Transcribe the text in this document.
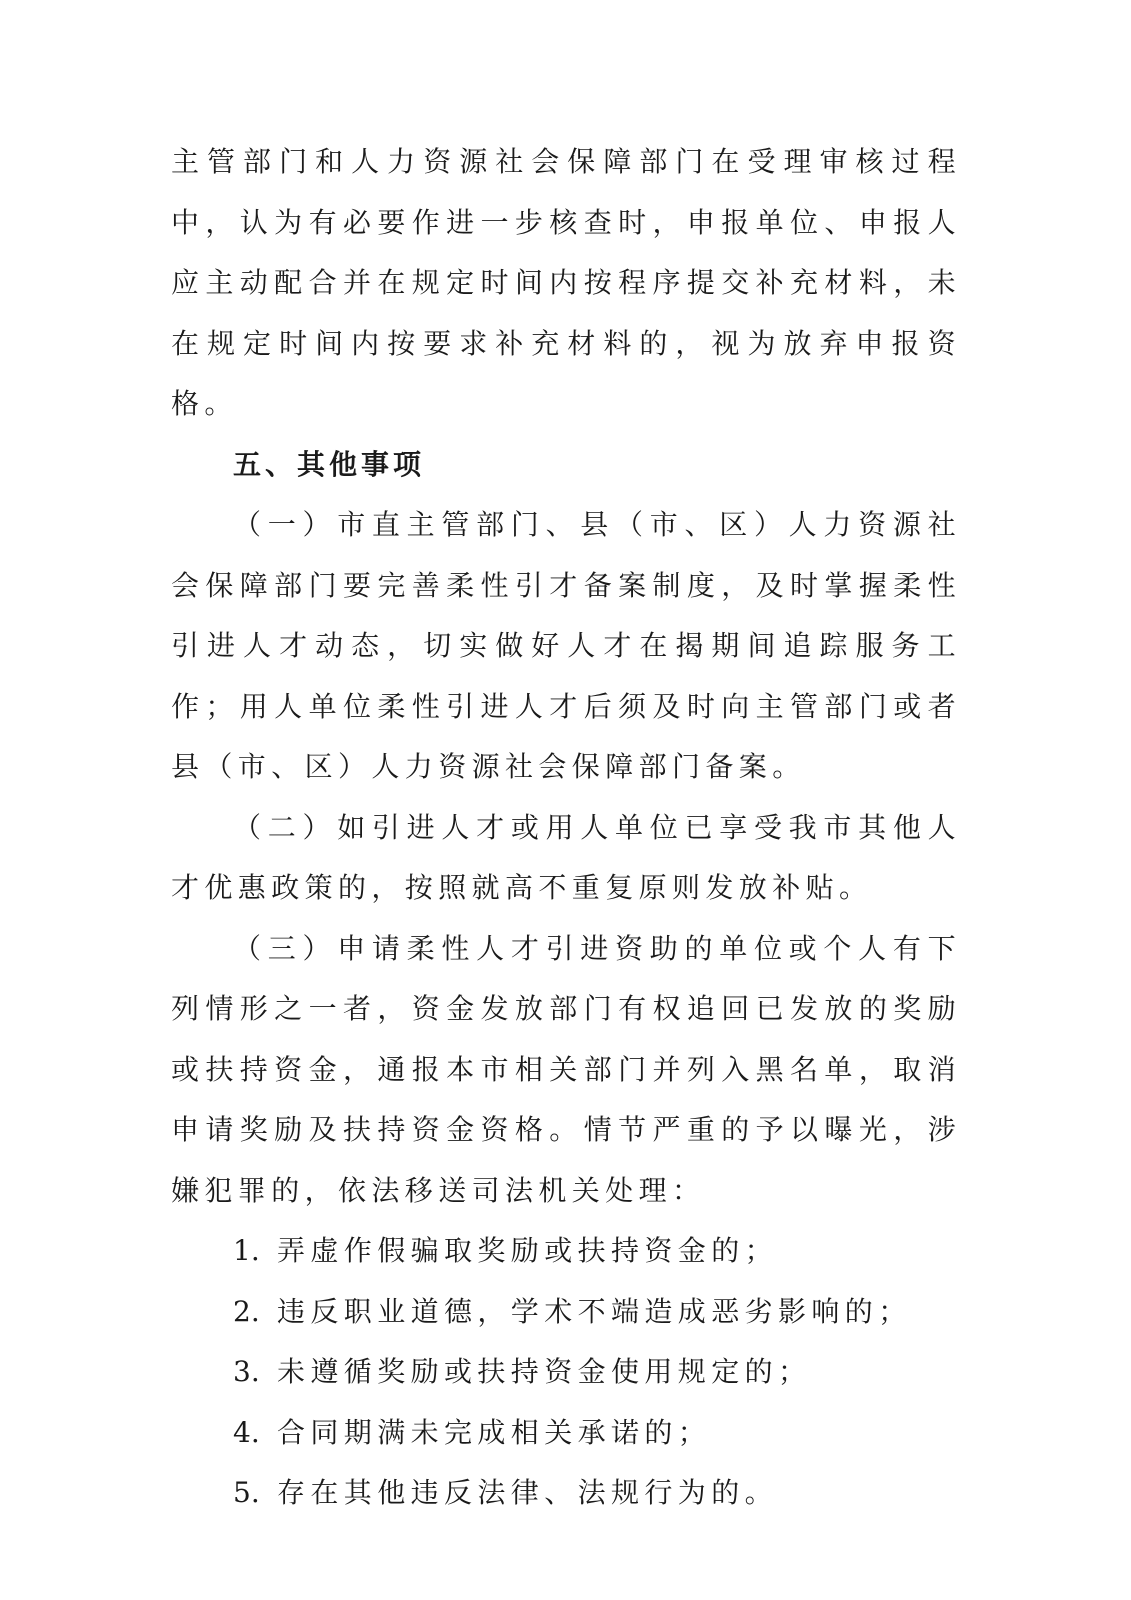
主管部门和人力资源社会保障部门在受理审核过程中，认为有必要作进一步核查时，申报单位、申报人应主动配合并在规定时间内按程序提交补充材料，未在规定时间内按要求补充材料的，视为放弃申报资格。

五、其他事项

（一）市直主管部门、县（市、区）人力资源社会保障部门要完善柔性引才备案制度，及时掌握柔性引进人才动态，切实做好人才在揭期间追踪服务工作；用人单位柔性引进人才后须及时向主管部门或者县（市、区）人力资源社会保障部门备案。

（二）如引进人才或用人单位已享受我市其他人才优惠政策的，按照就高不重复原则发放补贴。

（三）申请柔性人才引进资助的单位或个人有下列情形之一者，资金发放部门有权追回已发放的奖励或扶持资金，通报本市相关部门并列入黑名单，取消申请奖励及扶持资金资格。情节严重的予以曝光，涉嫌犯罪的，依法移送司法机关处理：

1. 弄虚作假骗取奖励或扶持资金的；
2. 违反职业道德，学术不端造成恶劣影响的；
3. 未遵循奖励或扶持资金使用规定的；
4. 合同期满未完成相关承诺的；
5. 存在其他违反法律、法规行为的。
